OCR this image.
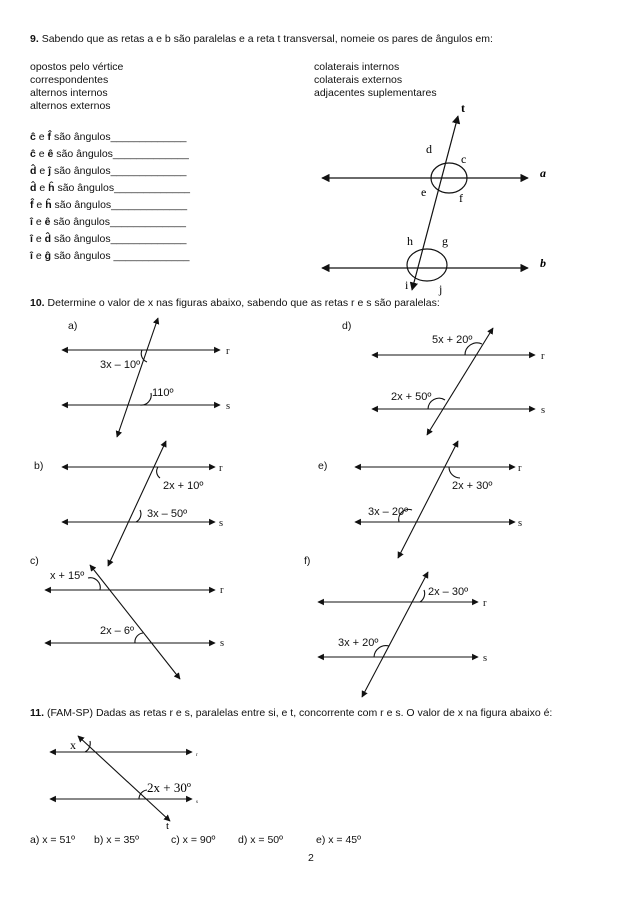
9. Sabendo que as retas a e b são paralelas e a reta t transversal, nomeie os pares de ângulos em:
opostos pelo vértice
correspondentes
alternos internos
alternos externos
colaterais internos
colaterais externos
adjacentes suplementares
ĉ e f̂ são ângulos_____________
ĉ e ê são ângulos_____________
d̂ e ĵ são ângulos_____________
d̂ e ĥ são ângulos_____________
f̂ e ĥ são ângulos_____________
î e ê são ângulos_____________
î e d̂ são ângulos_____________
î e ĝ são ângulos _____________
t
a
b
d
c
e	f
h g
i	j
10. Determine o valor de x nas figuras abaixo, sabendo que as retas r e s são paralelas:
a)
r
s
3x – 10º
110º
b)	r
s
2x + 10º
3x – 50º
c)
r
s
x + 15º
2x – 6º
d)
r
s
5x + 20º
2x + 50º
e)	r
s
2x + 30º
3x – 20º
f)
r
s
2x – 30º
3x + 20º
11. (FAM-SP) Dadas as retas r e s, paralelas entre si, e t, concorrente com r e s. O valor de x na figura abaixo é:
x
2x + 30º
r
s
t
a) x = 51º b) x = 35º	c) x = 90º d) x = 50º	e) x = 45º
2
